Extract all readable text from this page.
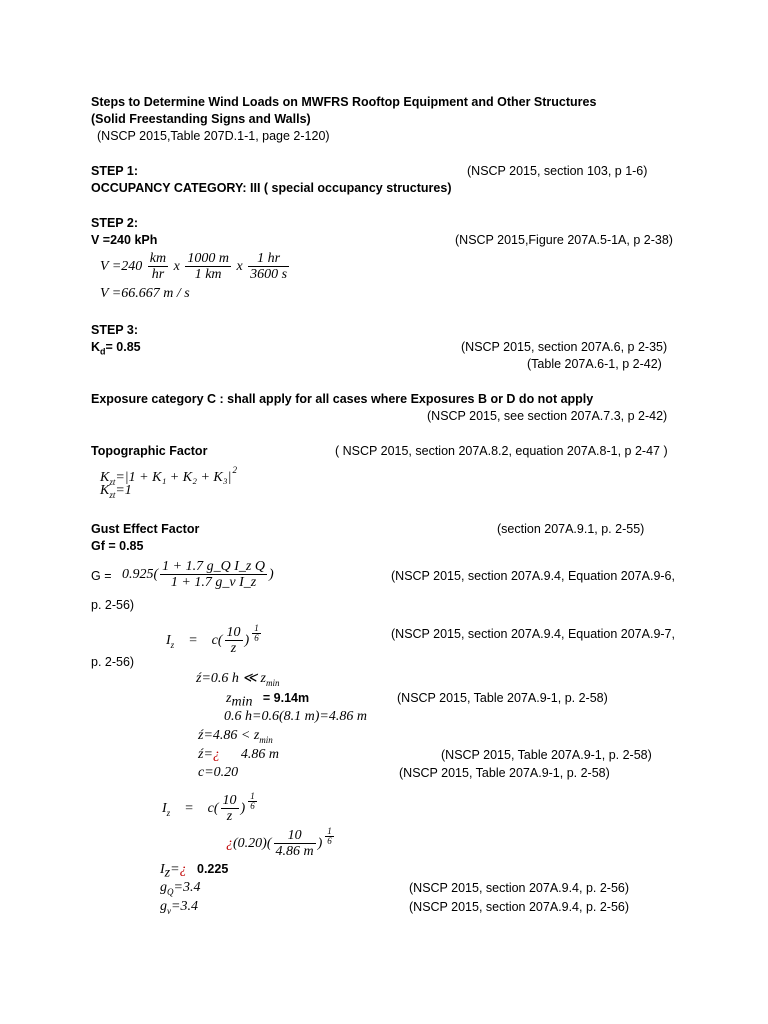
Steps to Determine Wind Loads on MWFRS Rooftop Equipment and Other Structures
(Solid Freestanding Signs and Walls)
(NSCP 2015,Table 207D.1-1, page 2-120)
STEP 1:	(NSCP 2015, section 103, p 1-6)
OCCUPANCY CATEGORY: III ( special occupancy structures)
STEP 2:
V =240 kPh	(NSCP 2015,Figure 207A.5-1A, p 2-38)
$V =240 \frac{km}{hr}$ x $\frac{1000 m}{1 km}$ x $\frac{1 hr}{3600 s}$
V =66.667 m / s
STEP 3:
$K_d= 0.85$	(NSCP 2015, section 207A.6, p 2-35)
(Table 207A.6-1, p 2-42)
Exposure category C : shall apply for all cases where Exposures B or D do not apply
(NSCP 2015, see section 207A.7.3, p 2-42)
Topographic Factor	( NSCP 2015, section 207A.8.2, equation 207A.8-1, p 2-47 )
$K_{zt}=|1 + K_1 + K_2 + K_3|^2$
$K_{zt}=1$
Gust Effect Factor	(section 207A.9.1, p. 2-55)
Gf = 0.85
$G = 0.925( \frac{\text{1 + 1.7 g\_Q I\_z Q}}{\text{1 + 1.7 g\_v I\_z}}$ )	(NSCP 2015, section 207A.9.4, Equation 207A.9-6,
p. 2-56)
$I_z = c( \frac{10}{z}$ ) $^{\frac{1}{6}}$	(NSCP 2015, section 207A.9.4, Equation 207A.9-7,
p. 2-56)
ź=0.6 h ≪ $z_{min}$
$z_{min} = 9.14m$	(NSCP 2015, Table 207A.9-1, p. 2-58)
0.6 h=0.6(8.1 m)=4.86 m
ź=4.86 < $z_{min}$
ź=¿ 4.86 m	(NSCP 2015, Table 207A.9-1, p. 2-58)
c=0.20	(NSCP 2015, Table 207A.9-1, p. 2-58)
$I_z = c( \frac{10}{z}$ ) $^{\frac{1}{6}}$
¿$(0.20)( \frac{10}{4.86 m}$ ) $^{\frac{1}{6}}$
$I_z=¿$ 0.225
$g_Q=3.4$	(NSCP 2015, section 207A.9.4, p. 2-56)
$g_v=3.4$	(NSCP 2015, section 207A.9.4, p. 2-56)
